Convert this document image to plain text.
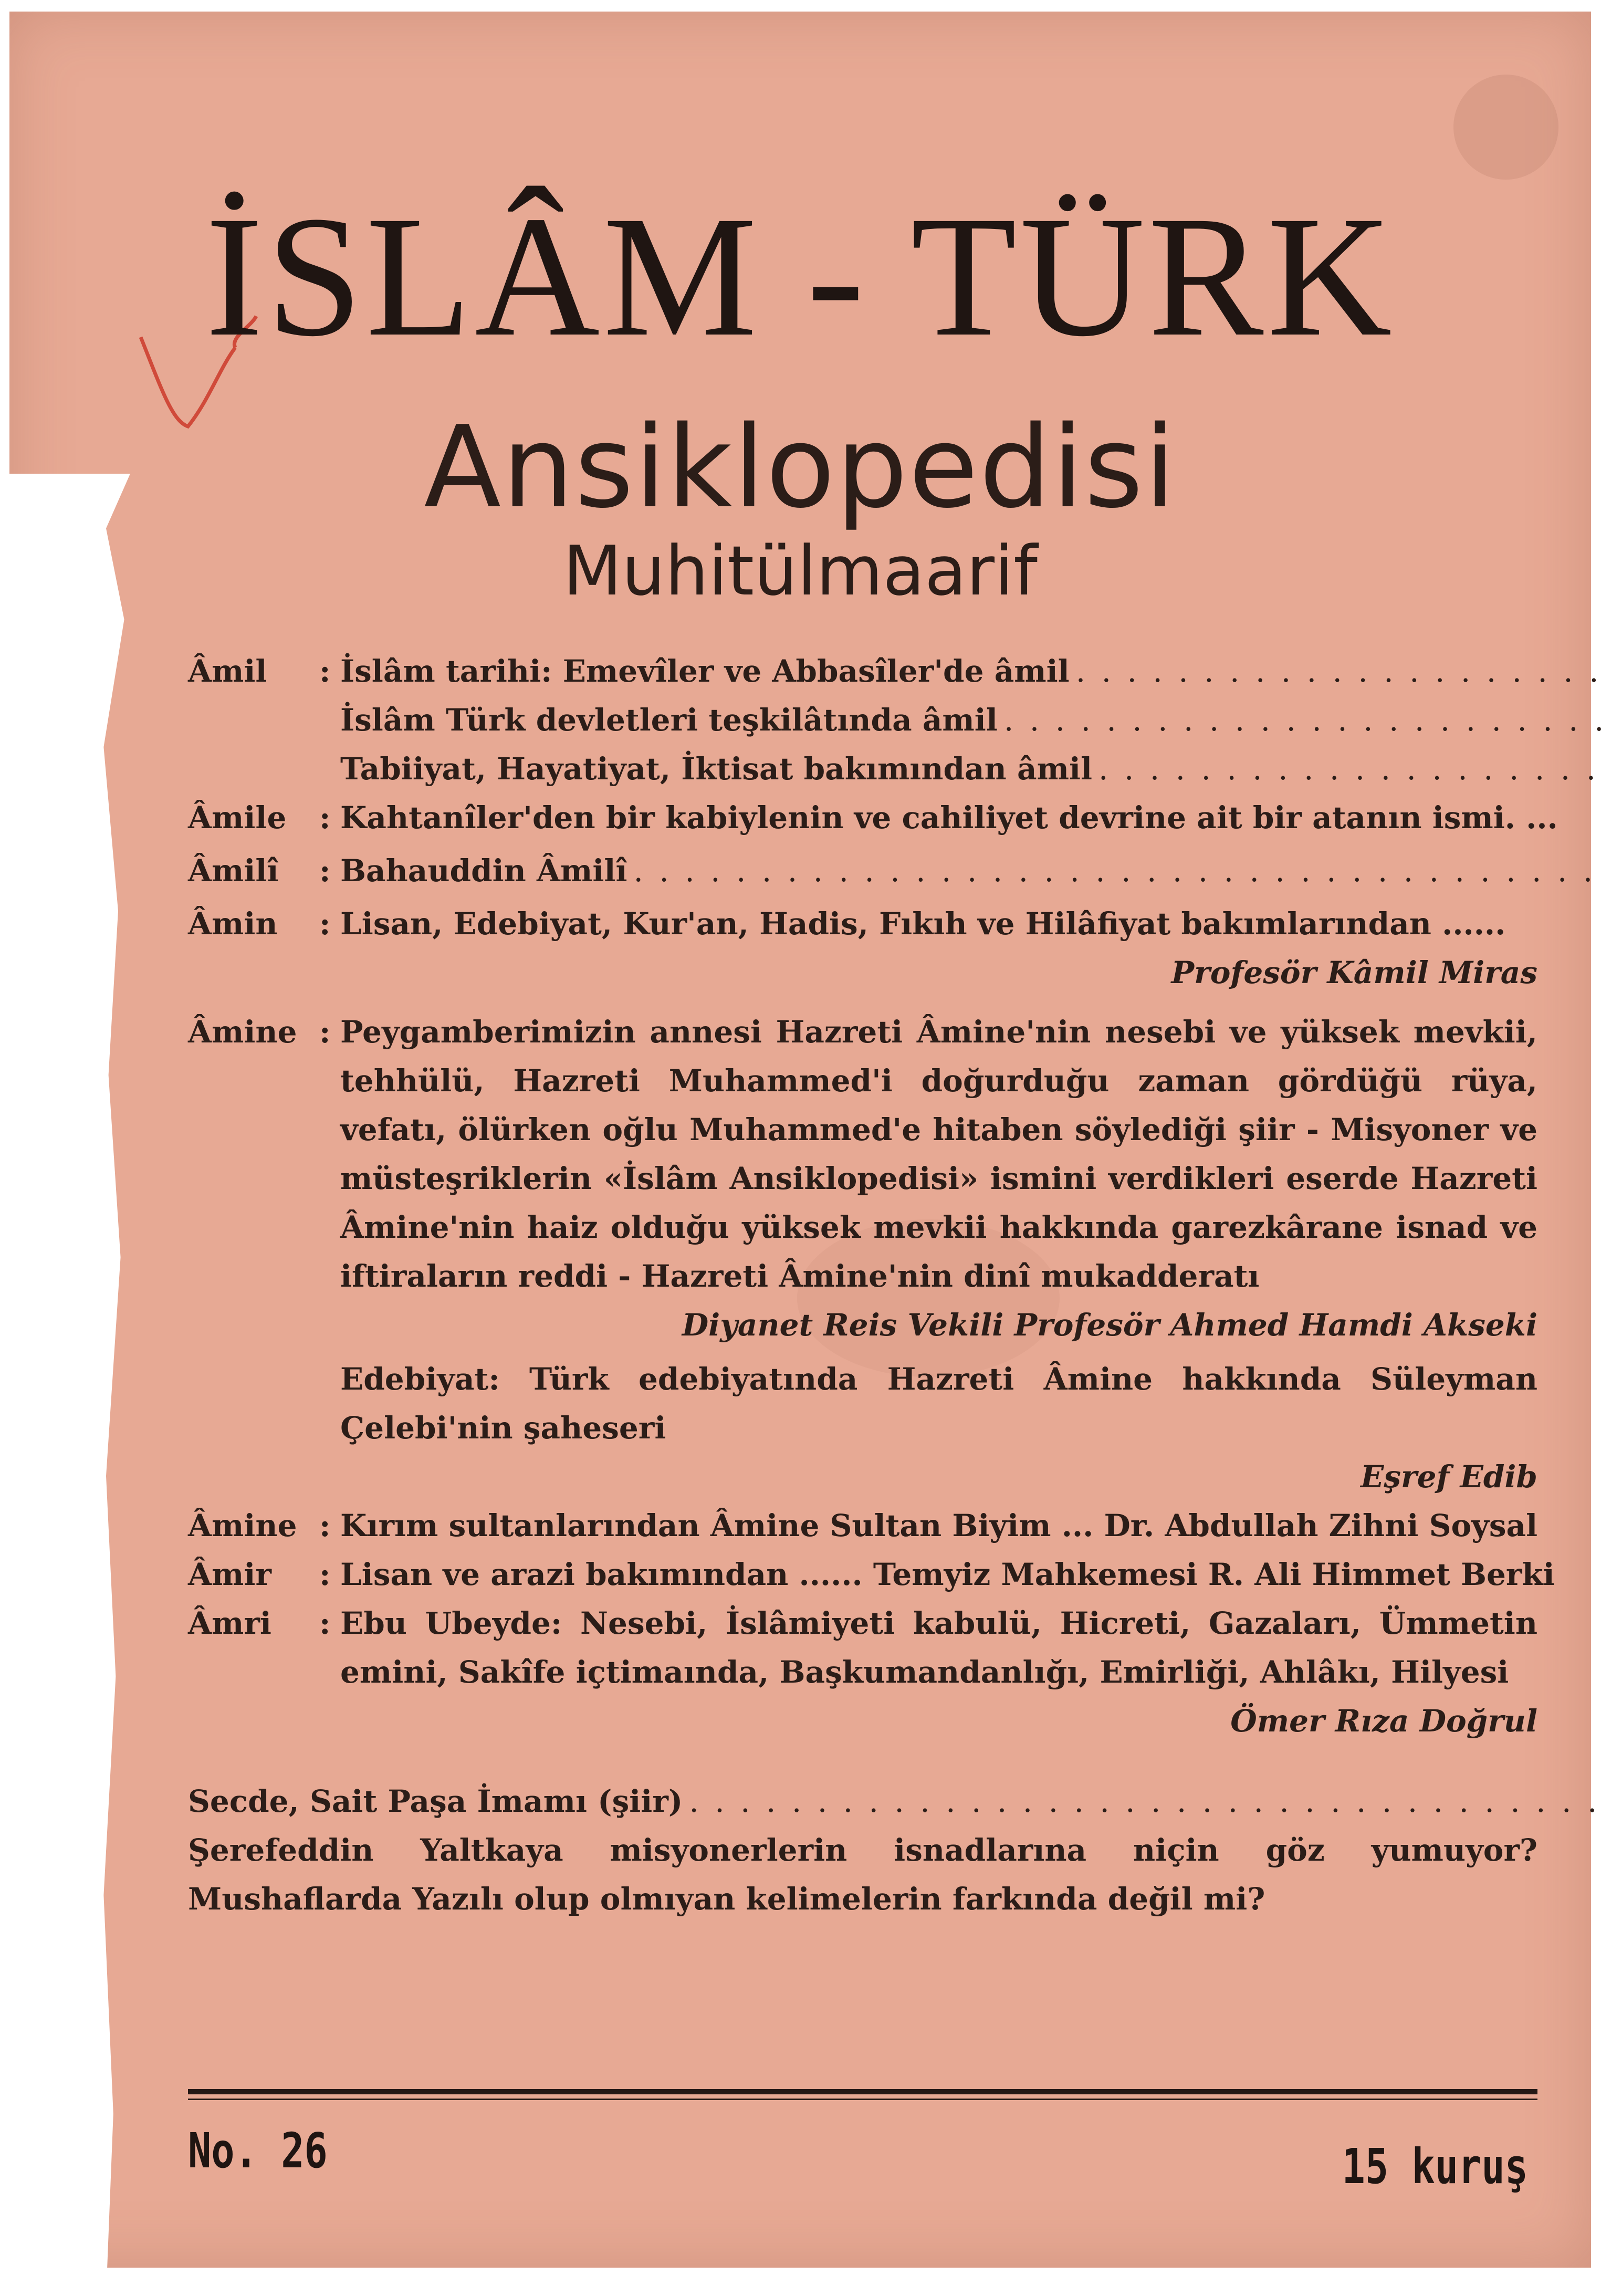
İSLÂM - TÜRK
Ansiklopedisi
Muhitülmaarif
Âmil	: İslâm tarihi: Emevîler ve Abbasîler'de âmil
. . .
İslâm Türk devletleri teşkilâtında âmil
. . .
Tabiiyat, Hayatiyat, İktisat bakımından âmil
. . .
Âmile	: Kahtanîler'den bir kabiylenin ve cahiliyet devrine ait bir atanın ismi. ...
Âmilî	: Bahauddin Âmilî
. . .
Âmin	: Lisan, Edebiyat, Kur'an, Hadis, Fıkıh ve Hilâfiyat bakımlarından ......
Profesör Kâmil Miras
Âmine : Peygamberimizin annesi Hazreti Âmine'nin nesebi ve yüksek mevkii, tehhülü, Hazreti Muhammed'i doğurduğu zaman gördüğü rüya, vefatı, ölürken oğlu Muhammed'e hitaben söylediği şiir - Misyoner ve müsteşriklerin «İslâm Ansiklopedisi» ismini verdikleri eserde Hazreti Âmine'nin haiz olduğu yüksek mevkii hakkında garezkârane isnad ve iftiraların reddi - Hazreti Âmine'nin dinî mukadderatı
Diyanet Reis Vekili Profesör Ahmed Hamdi Akseki
Edebiyat: Türk edebiyatında Hazreti Âmine hakkında Süleyman Çelebi'nin şaheseri
Eşref Edib
Âmine : Kırım sultanlarından Âmine Sultan Biyim ... Dr. Abdullah Zihni Soysal
Âmir	: Lisan ve arazi bakımından ...... Temyiz Mahkemesi R. Ali Himmet Berki
Âmri	: Ebu Ubeyde: Nesebi, İslâmiyeti kabulü, Hicreti, Gazaları, Ümmetin emini, Sakîfe içtimaında, Başkumandanlığı, Emirliği, Ahlâkı, Hilyesi
Ömer Rıza Doğrul
Secde, Sait Paşa İmamı (şiir)
. . .
Şerefeddin Yaltkaya misyonerlerin isnadlarına niçin göz yumuyor? Mushaflarda Yazılı olup olmıyan kelimelerin farkında değil mi?
No. 26	15 kuruş
